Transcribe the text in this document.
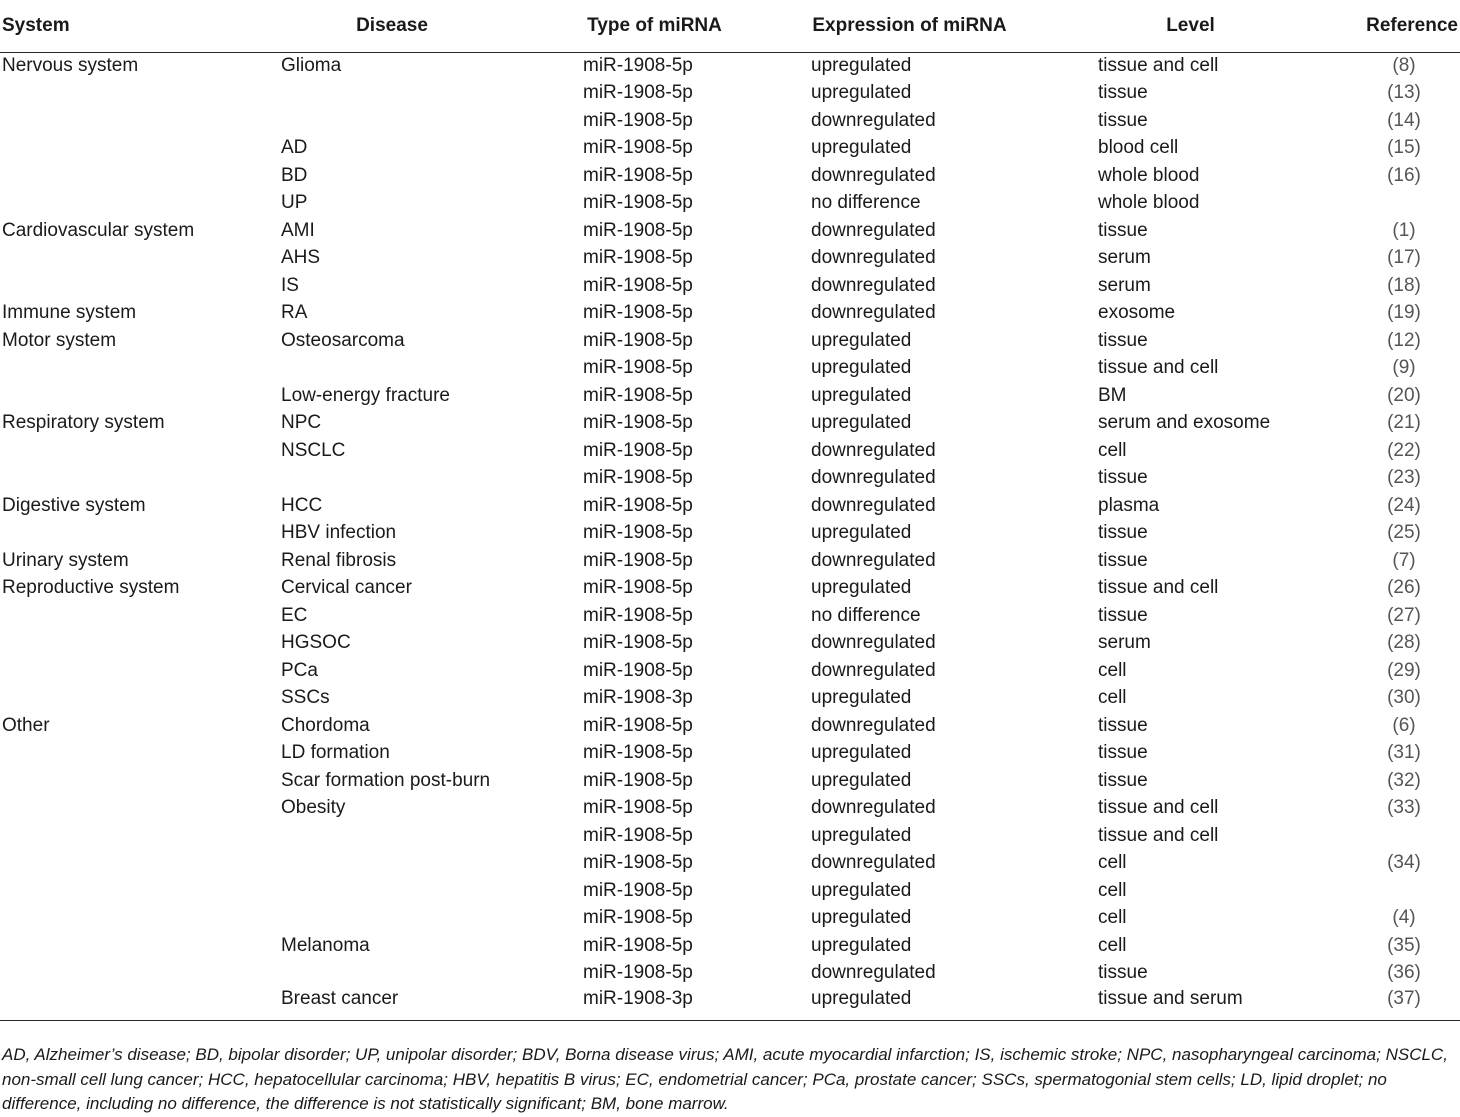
System	Disease	Type of miRNA	Expression of miRNA	Level	Reference
Nervous system	Glioma	miR-1908-5p	upregulated	tissue and cell	(8)
		miR-1908-5p	upregulated	tissue	(13)
		miR-1908-5p	downregulated	tissue	(14)
	AD	miR-1908-5p	upregulated	blood cell	(15)
	BD	miR-1908-5p	downregulated	whole blood	(16)
	UP	miR-1908-5p	no difference	whole blood	
Cardiovascular system	AMI	miR-1908-5p	downregulated	tissue	(1)
	AHS	miR-1908-5p	downregulated	serum	(17)
	IS	miR-1908-5p	downregulated	serum	(18)
Immune system	RA	miR-1908-5p	downregulated	exosome	(19)
Motor system	Osteosarcoma	miR-1908-5p	upregulated	tissue	(12)
		miR-1908-5p	upregulated	tissue and cell	(9)
	Low-energy fracture	miR-1908-5p	upregulated	BM	(20)
Respiratory system	NPC	miR-1908-5p	upregulated	serum and exosome	(21)
	NSCLC	miR-1908-5p	downregulated	cell	(22)
		miR-1908-5p	downregulated	tissue	(23)
Digestive system	HCC	miR-1908-5p	downregulated	plasma	(24)
	HBV infection	miR-1908-5p	upregulated	tissue	(25)
Urinary system	Renal fibrosis	miR-1908-5p	downregulated	tissue	(7)
Reproductive system	Cervical cancer	miR-1908-5p	upregulated	tissue and cell	(26)
	EC	miR-1908-5p	no difference	tissue	(27)
	HGSOC	miR-1908-5p	downregulated	serum	(28)
	PCa	miR-1908-5p	downregulated	cell	(29)
	SSCs	miR-1908-3p	upregulated	cell	(30)
Other	Chordoma	miR-1908-5p	downregulated	tissue	(6)
	LD formation	miR-1908-5p	upregulated	tissue	(31)
	Scar formation post-burn	miR-1908-5p	upregulated	tissue	(32)
	Obesity	miR-1908-5p	downregulated	tissue and cell	(33)
		miR-1908-5p	upregulated	tissue and cell	
		miR-1908-5p	downregulated	cell	(34)
		miR-1908-5p	upregulated	cell	
		miR-1908-5p	upregulated	cell	(4)
	Melanoma	miR-1908-5p	upregulated	cell	(35)
		miR-1908-5p	downregulated	tissue	(36)
	Breast cancer	miR-1908-3p	upregulated	tissue and serum	(37)
AD, Alzheimer’s disease; BD, bipolar disorder; UP, unipolar disorder; BDV, Borna disease virus; AMI, acute myocardial infarction; IS, ischemic stroke; NPC, nasopharyngeal carcinoma; NSCLC, non-small cell lung cancer; HCC, hepatocellular carcinoma; HBV, hepatitis B virus; EC, endometrial cancer; PCa, prostate cancer; SSCs, spermatogonial stem cells; LD, lipid droplet; no difference, including no difference, the difference is not statistically significant; BM, bone marrow.
